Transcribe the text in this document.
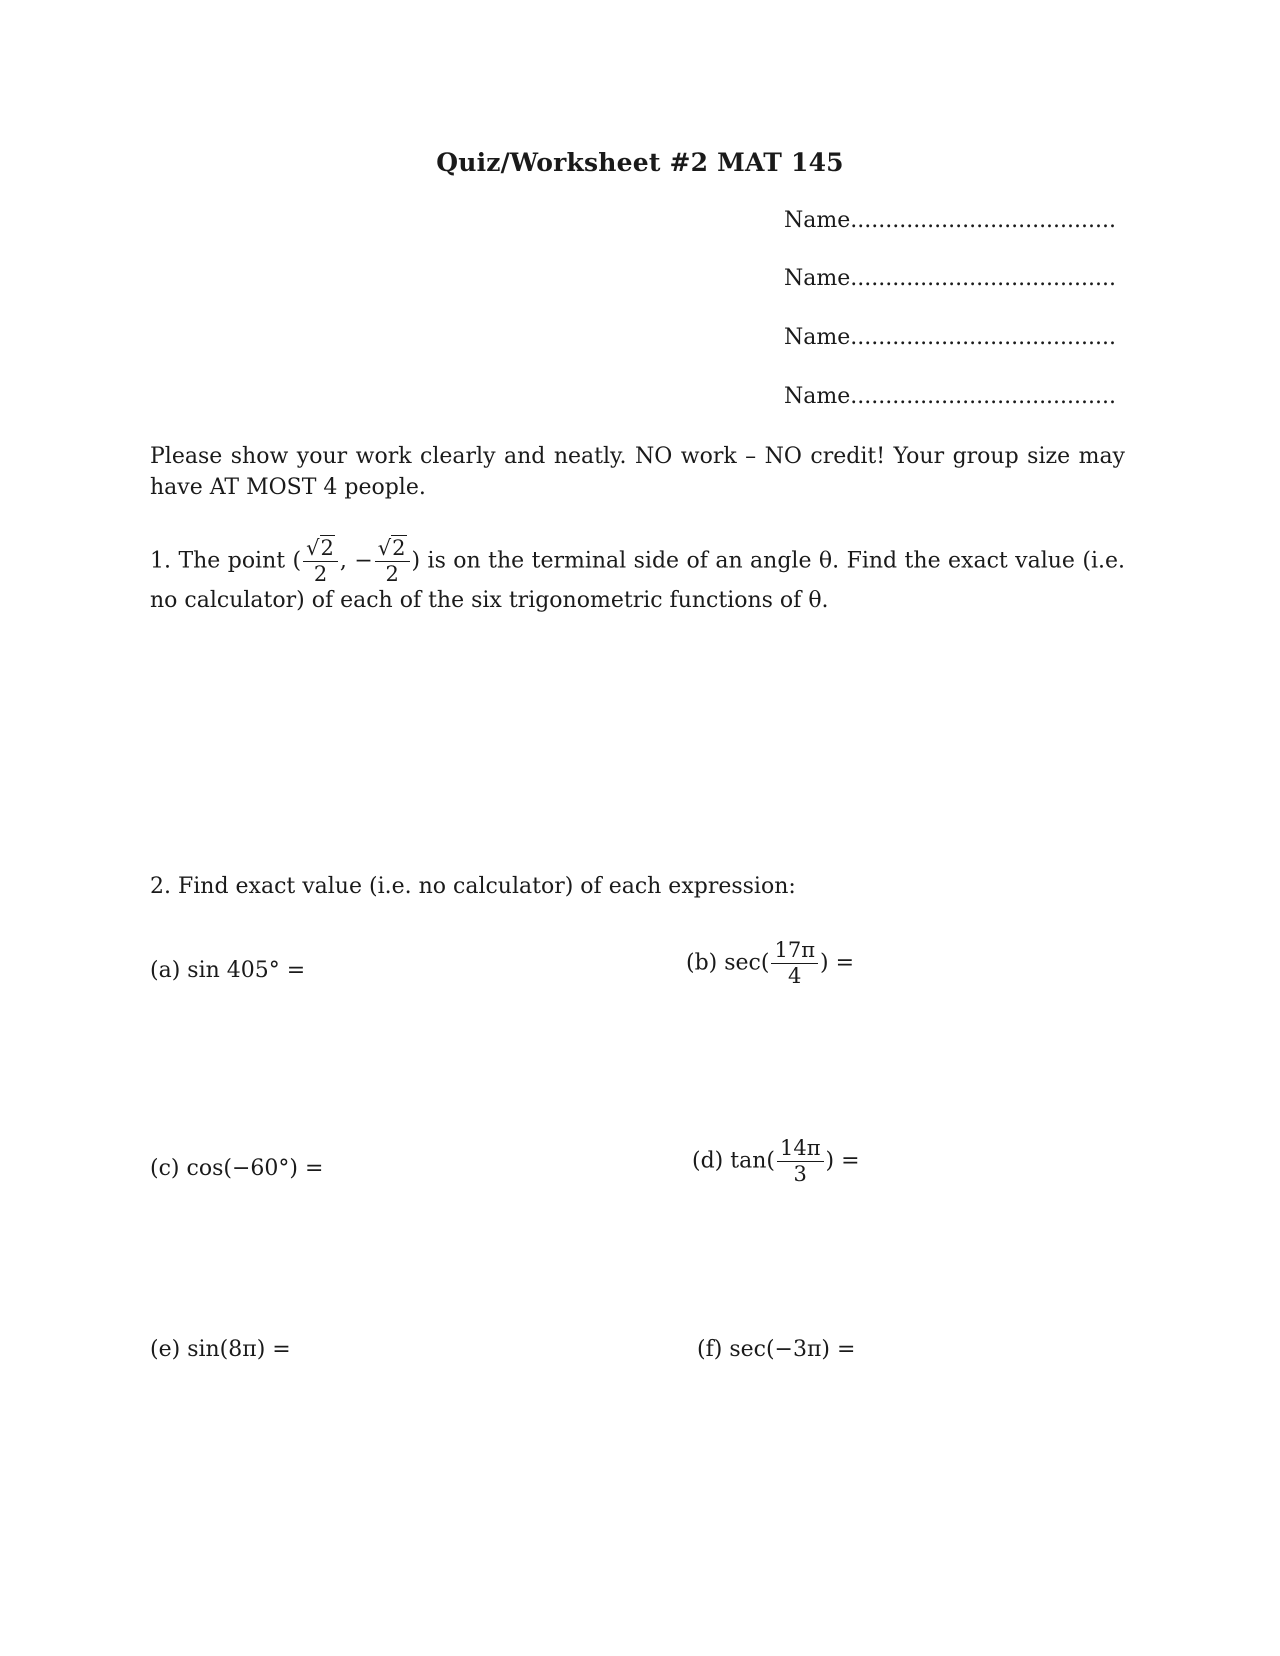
Quiz/Worksheet #2 MAT 145
Name......................................
Name......................................
Name......................................
Name......................................
Please show your work clearly and neatly. NO work – NO credit! Your group size may have AT MOST 4 people.
1. The point ( $\frac{√2}{2}$ , − $\frac{√2}{2}$ ) is on the terminal side of an angle θ. Find the exact value (i.e. no calculator) of each of the six trigonometric functions of θ.
2. Find exact value (i.e. no calculator) of each expression:
(a) sin 405° =	(b) $\sec( \frac{17\pi}{4}$ ) =
(c) cos(−60°) =	(d) $\tan( \frac{14\pi}{3}$ ) =
(e) sin(8π) =	(f) sec(−3π) =
